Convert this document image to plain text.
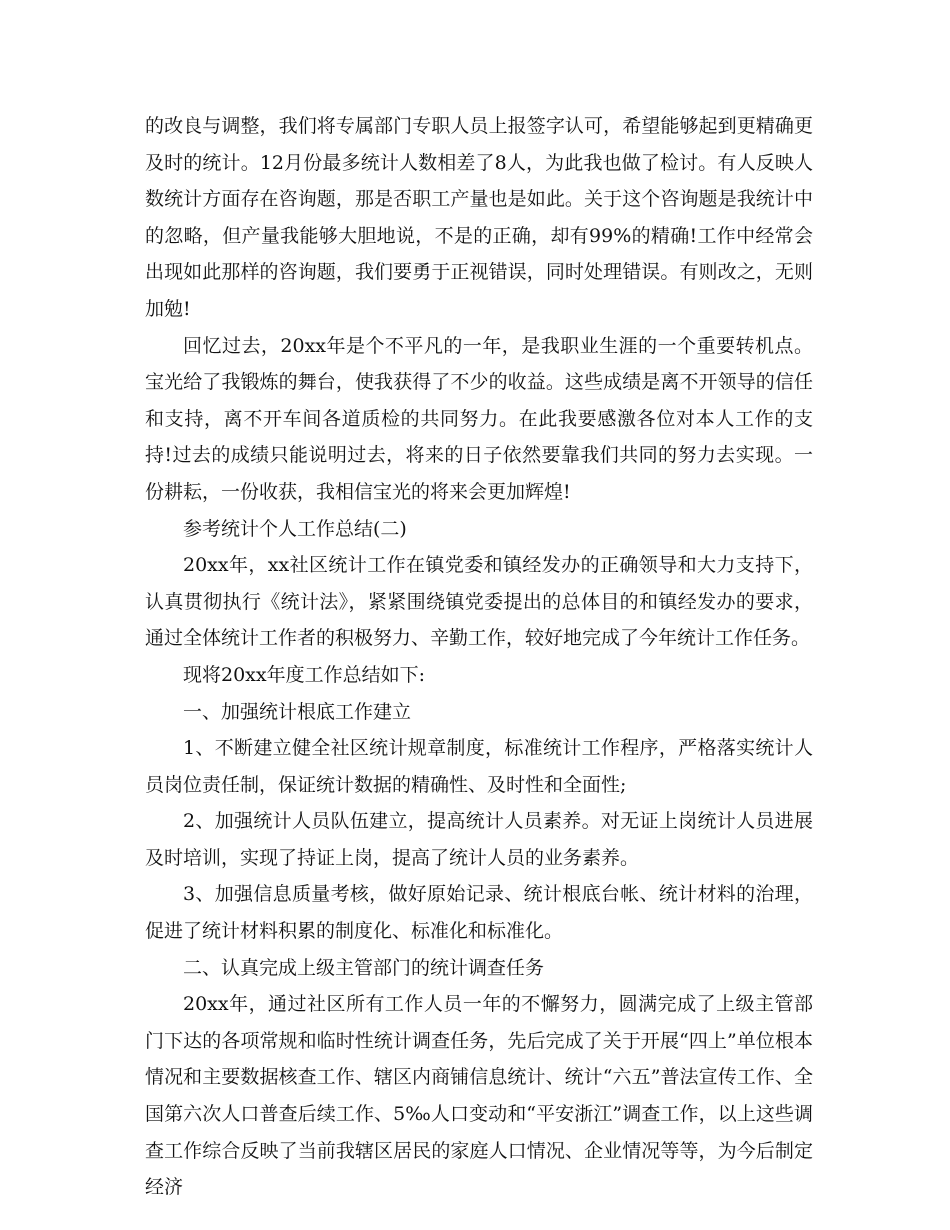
的改良与调整，我们将专属部门专职人员上报签字认可，希望能够起到更精确更及时的统计。12月份最多统计人数相差了8人，为此我也做了检讨。有人反映人数统计方面存在咨询题，那是否职工产量也是如此。关于这个咨询题是我统计中的忽略，但产量我能够大胆地说，不是的正确，却有99%的精确!工作中经常会出现如此那样的咨询题，我们要勇于正视错误，同时处理错误。有则改之，无则加勉!

回忆过去，20xx年是个不平凡的一年，是我职业生涯的一个重要转机点。宝光给了我锻炼的舞台，使我获得了不少的收益。这些成绩是离不开领导的信任和支持，离不开车间各道质检的共同努力。在此我要感激各位对本人工作的支持!过去的成绩只能说明过去，将来的日子依然要靠我们共同的努力去实现。一份耕耘，一份收获，我相信宝光的将来会更加辉煌!

参考统计个人工作总结(二)

20xx年，xx社区统计工作在镇党委和镇经发办的正确领导和大力支持下，认真贯彻执行《统计法》，紧紧围绕镇党委提出的总体目的和镇经发办的要求，通过全体统计工作者的积极努力、辛勤工作，较好地完成了今年统计工作任务。

现将20xx年度工作总结如下:

一、加强统计根底工作建立

1、不断建立健全社区统计规章制度，标准统计工作程序，严格落实统计人员岗位责任制，保证统计数据的精确性、及时性和全面性;

2、加强统计人员队伍建立，提高统计人员素养。对无证上岗统计人员进展及时培训，实现了持证上岗，提高了统计人员的业务素养。

3、加强信息质量考核，做好原始记录、统计根底台帐、统计材料的治理，促进了统计材料积累的制度化、标准化和标准化。

二、认真完成上级主管部门的统计调查任务

20xx年，通过社区所有工作人员一年的不懈努力，圆满完成了上级主管部门下达的各项常规和临时性统计调查任务，先后完成了关于开展“四上”单位根本情况和主要数据核查工作、辖区内商铺信息统计、统计“六五”普法宣传工作、全国第六次人口普查后续工作、5‰人口变动和“平安浙江”调查工作，以上这些调查工作综合反映了当前我辖区居民的家庭人口情况、企业情况等等，为今后制定经济
